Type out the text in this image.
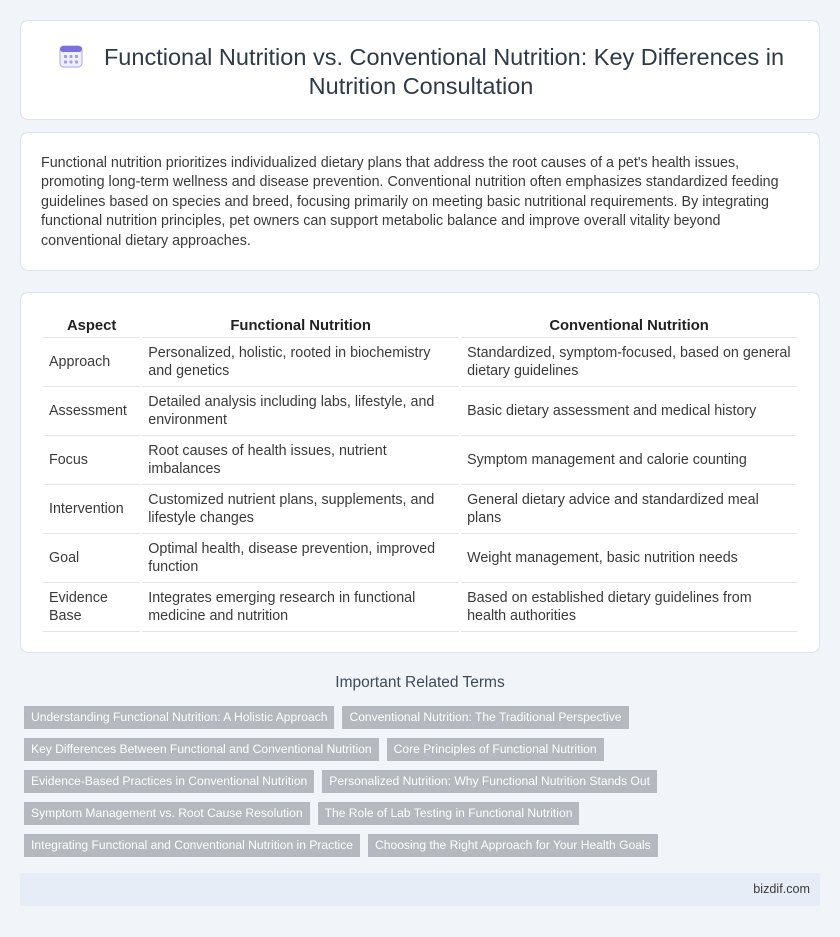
Functional Nutrition vs. Conventional Nutrition: Key Differences in Nutrition Consultation

Functional nutrition prioritizes individualized dietary plans that address the root causes of a pet's health issues, promoting long-term wellness and disease prevention. Conventional nutrition often emphasizes standardized feeding guidelines based on species and breed, focusing primarily on meeting basic nutritional requirements. By integrating functional nutrition principles, pet owners can support metabolic balance and improve overall vitality beyond conventional dietary approaches.

Aspect	Functional Nutrition	Conventional Nutrition
Approach	Personalized, holistic, rooted in biochemistry and genetics	Standardized, symptom-focused, based on general dietary guidelines
Assessment	Detailed analysis including labs, lifestyle, and environment	Basic dietary assessment and medical history
Focus	Root causes of health issues, nutrient imbalances	Symptom management and calorie counting
Intervention	Customized nutrient plans, supplements, and lifestyle changes	General dietary advice and standardized meal plans
Goal	Optimal health, disease prevention, improved function	Weight management, basic nutrition needs
Evidence Base	Integrates emerging research in functional medicine and nutrition	Based on established dietary guidelines from health authorities
Important Related Terms
Understanding Functional Nutrition: A Holistic Approach	Conventional Nutrition: The Traditional Perspective
Key Differences Between Functional and Conventional Nutrition	Core Principles of Functional Nutrition
Evidence-Based Practices in Conventional Nutrition	Personalized Nutrition: Why Functional Nutrition Stands Out
Symptom Management vs. Root Cause Resolution	The Role of Lab Testing in Functional Nutrition
Integrating Functional and Conventional Nutrition in Practice	Choosing the Right Approach for Your Health Goals
bizdif.com
